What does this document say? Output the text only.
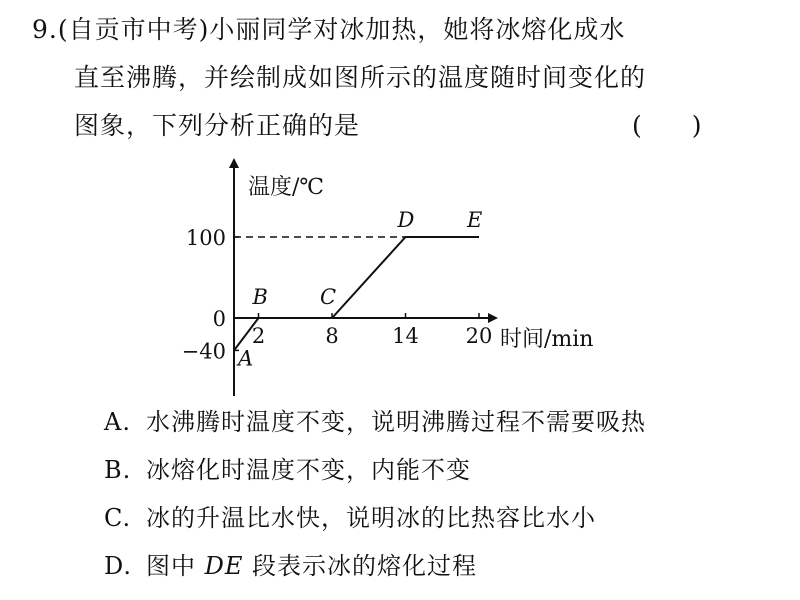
9.(自贡市中考)小丽同学对冰加热，她将冰熔化成水
直至沸腾，并绘制成如图所示的温度随时间变化的
图象，下列分析正确的是	(　　)
温度/℃
时间/min
2	8	14 20
100
0
−40 A
B C
D	E
A. 水沸腾时温度不变，说明沸腾过程不需要吸热
B. 冰熔化时温度不变，内能不变
C. 冰的升温比水快，说明冰的比热容比水小
D. 图中 DE 段表示冰的熔化过程
